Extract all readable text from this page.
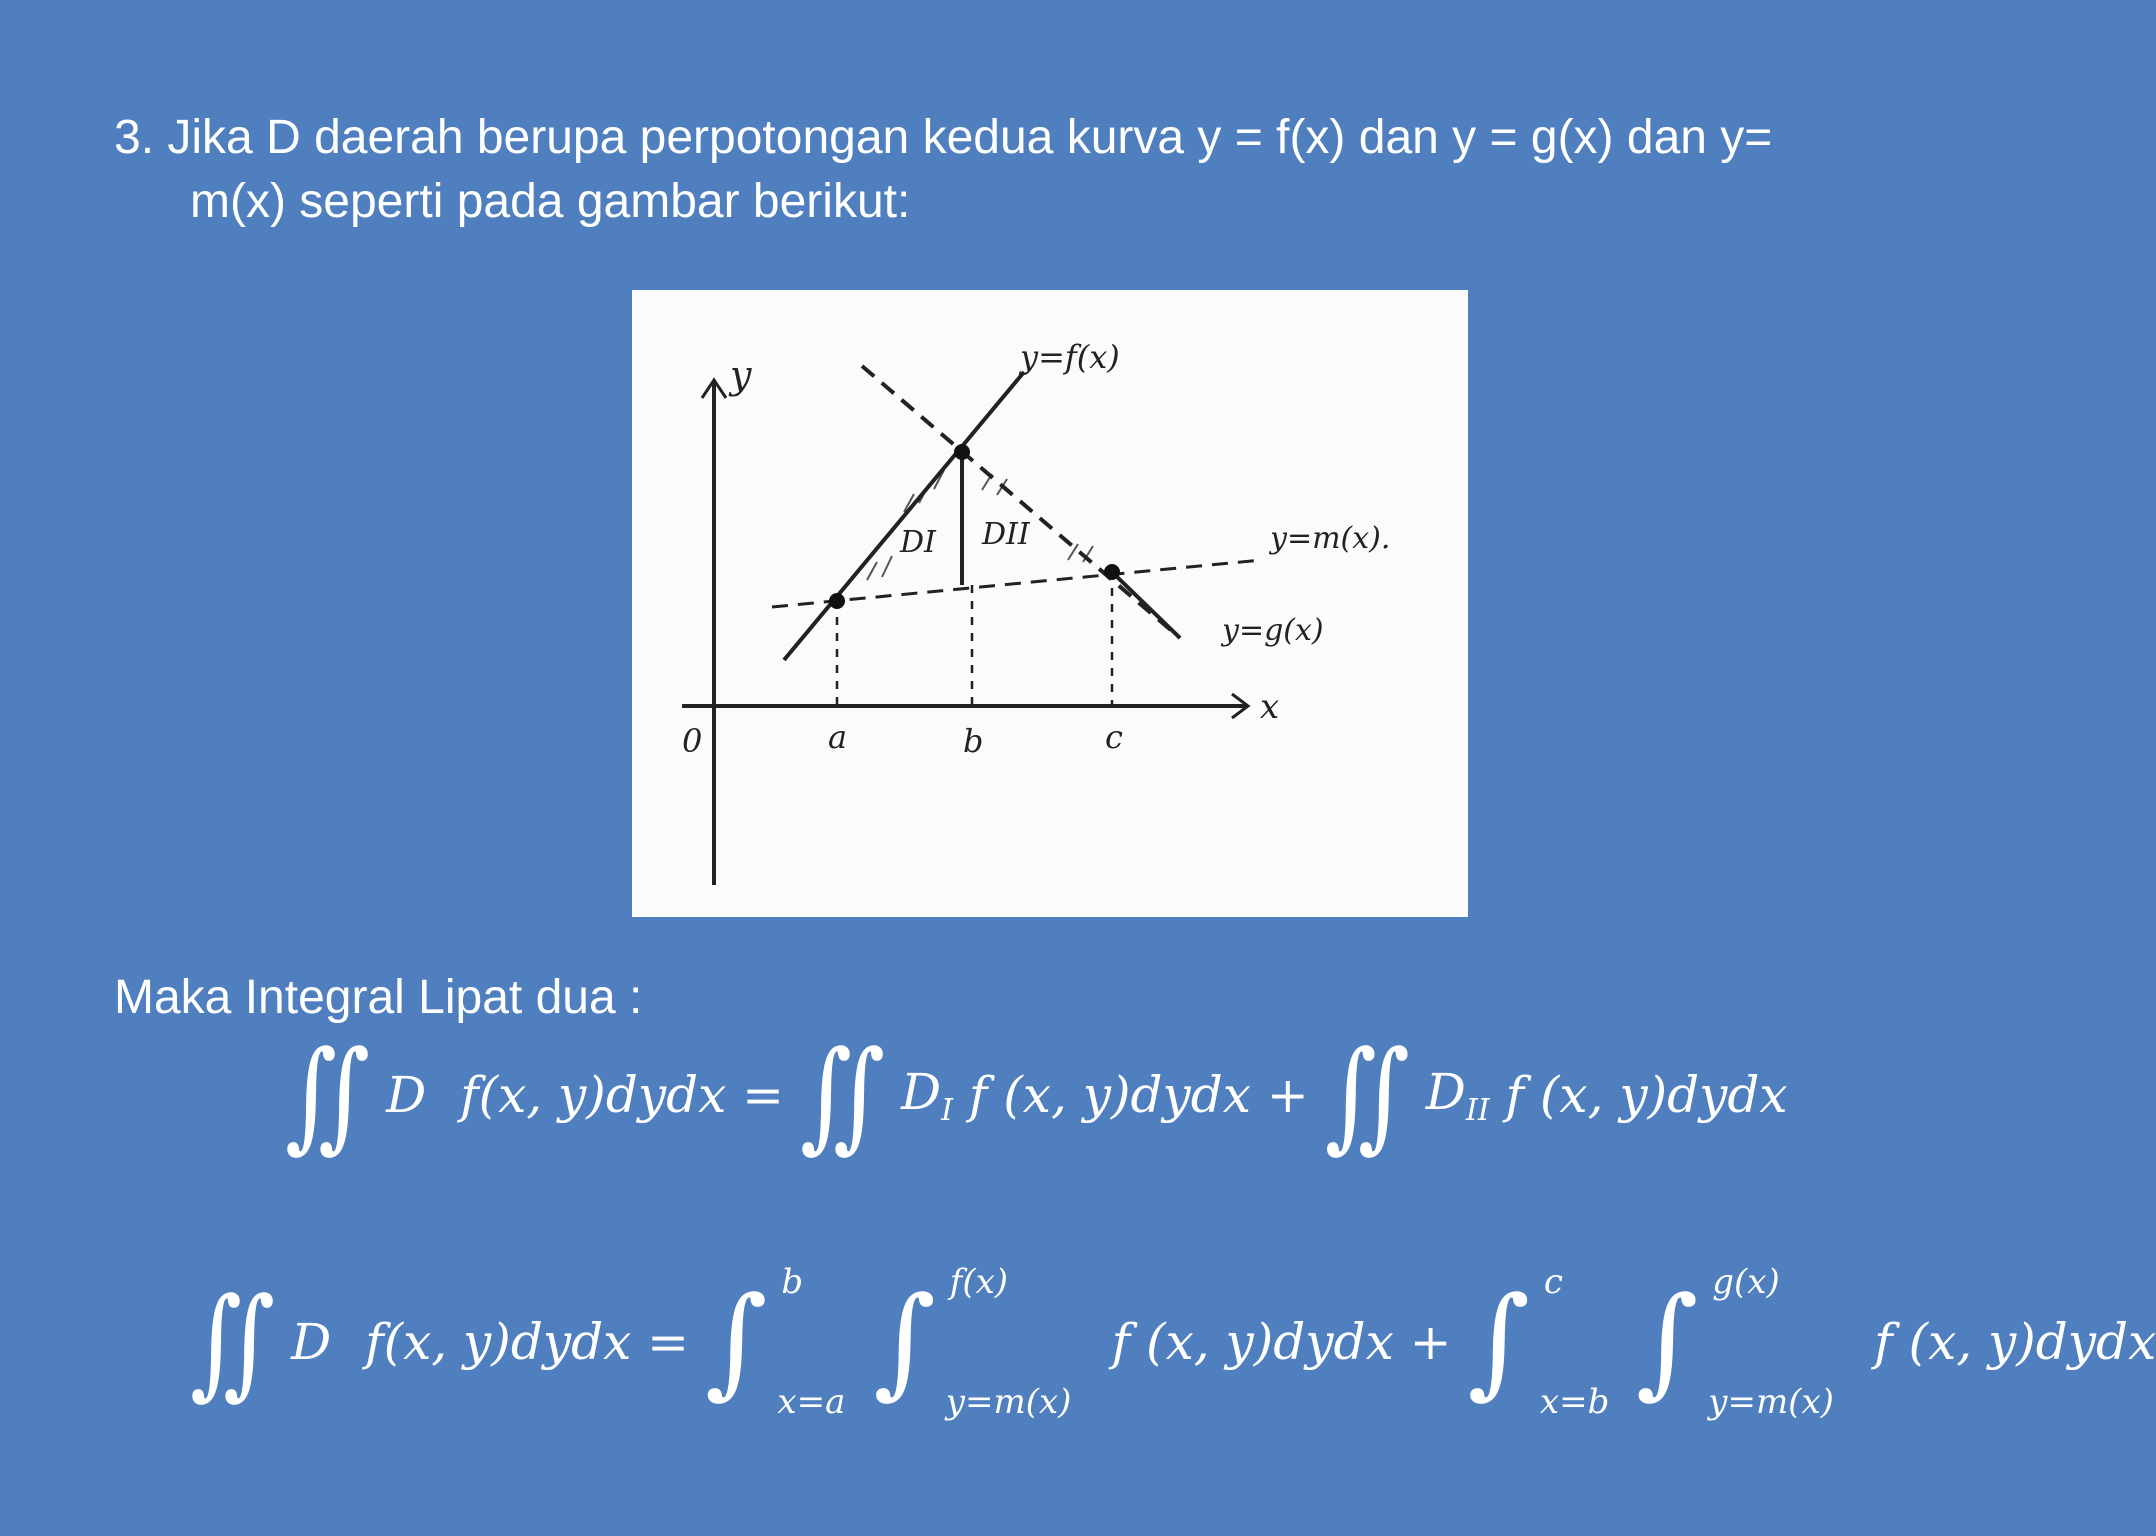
3. Jika D daerah berupa perpotongan kedua kurva y = f(x) dan y = g(x) dan y=
m(x) seperti pada gambar berikut:
y
x
0	a	b	c
y=f(x)
y=m(x).
y=g(x)
DI DII
Maka Integral Lipat dua :
∬ D f(x, y)dydx = ∬ $D_I$ f (x, y)dydx + ∬ $D_{II}$ f (x, y)dydx
∬ D f(x, y)dydx = ∫ b
x=a ∫ f(x)
y=m(x)
f (x, y)dydx + ∫ c
x=b ∫ g(x)
y=m(x)
f (x, y)dydx
